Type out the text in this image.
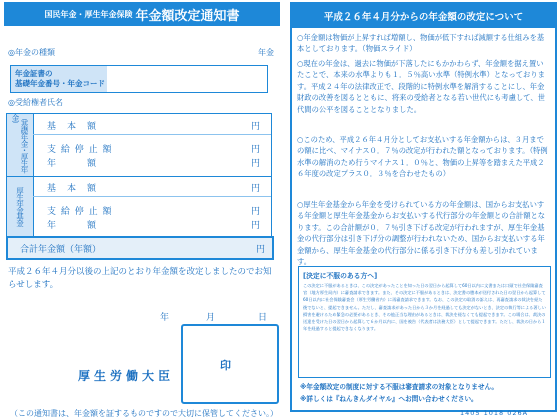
国民年金・厚生年金保険 年金額改定通知書
◎年金の種類	年金
年金証書の
基礎年金番号・年金コード
◎受給権者氏名
（基礎年金・厚生年金）
厚生年金基金
基　本　額	円
支 給 停 止 額	円
年　　　額	円
基　本　額	円
支 給 停 止 額	円
年　　　額	円
合計年金額（年額）	円
平成２６年４月分以後の上記のとおり年金額を改定しましたのでお知らせします。
年	月	日
厚生労働大臣
印
（この通知書は、年金額を証するものですので大切に保管してください。）
平成２６年４月分からの年金額の改定について
○年金額は物価が上昇すれば増額し、物価が低下すれば減額する仕組みを基本としております。（物価スライド）
○現在の年金は、過去に物価が下落したにもかかわらず、年金額を据え置いたことで、本来の水準よりも１．５％高い水準（特例水準）となっております。平成２４年の法律改正で、段階的に特例水準を解消することにし、年金財政の改善を図るとともに、将来の受給者となる若い世代にも考慮して、世代間の公平を図ることとなりました。
○このため、平成２６年４月分としてお支払いする年金額からは、３月までの額に比べ、マイナス０．７％の改定が行われた額となっております。（特例水準の解消のため行うマイナス１．０％と、物価の上昇等を踏まえた平成２６年度の改定プラス０．３％を合わせたもの）
○厚生年金基金から年金を受けられている方の年金額は、国からお支払いする年金額と厚生年金基金からお支払いする代行部分の年金額との合計額となります。この合計額が０．７％引き下げる改定が行われますが、厚生年金基金の代行部分は引き下げ分の調整が行われないため、国からお支払いする年金額から、厚生年金基金の代行部分に係る引き下げ分も差し引かれています。
[決定に不服のある方へ]
この決定に不服があるときは、この決定があったことを知った日の翌日から起算して60日以内に文書または口頭で社会保険審査官（地方厚生局内）に審査請求できます。また、その決定に不服があるときは、決定書の謄本が送付された日の翌日から起算して60日以内に社会保険審査会（厚生労働省内）に再審査請求できます。なお、この決定の取消の訴えは、再審査請求の裁決を経た後でないと、提起できません。ただし、審査請求があった日から３か月を経過しても決定がないとき、決定の執行等による著しい損害を避けるため緊急の必要があるとき、その他正当な理由があるときは、裁決を経なくても提起できます。この場合は、裁決の送達を受けた日の翌日から起算して６か月以内に、国を被告（代表者は法務大臣）として提起できます。ただし、裁決の日から１年を経過すると提起できなくなります。
※年金額改定の制度に対する不服は審査請求の対象となりません。
※詳しくは『ねんきんダイヤル』へお問い合わせください。
1405 1018 026A
